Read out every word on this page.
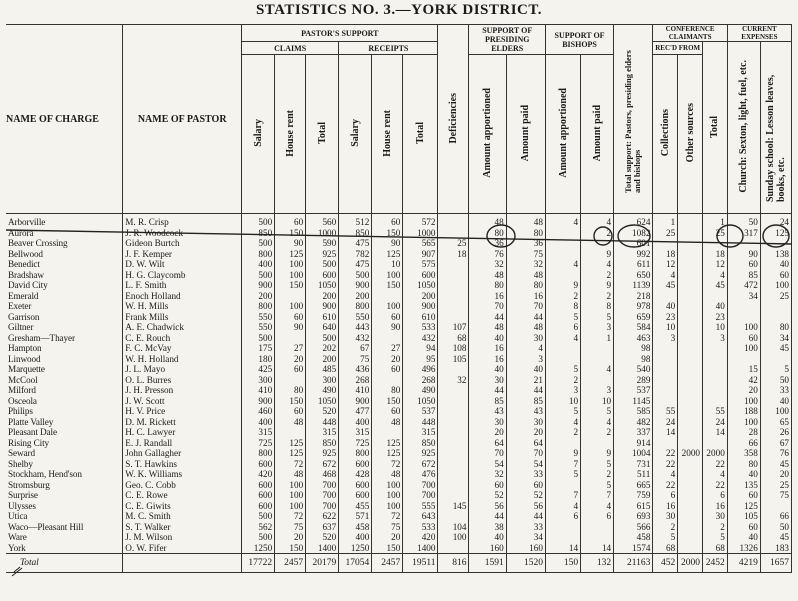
STATISTICS NO. 3.—YORK DISTRICT.
NAME OF CHARGE	NAME OF PASTOR	PASTOR'S SUPPORT						Deficiencies	SUPPORT OF PRESIDING ELDERS		SUPPORT OF BISHOPS		Total support: Pastors, presiding elders and bishops	CONFERENCE CLAIMANTS			CURRENT EXPENSES	
		CLAIMS			RECEIPTS									REC'D FROM		Total	Church: Sexton, light, fuel, etc.	Sunday school: Lesson leaves, books, etc.
		Salary	House rent	Total	Salary	House rent	Total		Amount apportioned	Amount paid	Amount apportioned	Amount paid		Collections	Other sources			
Arborville	M. R. Crisp	500	60	560	512	60	572		48	48	4	4	624	1		1	50	24
Aurora	J. R. Woodcock	850	150	1000	850	150	1000		80	80		2	1082	25		25	317	125
Beaver Crossing	Gideon Burtch	500	90	590	475	90	565	25	36	36			601					
Bellwood	J. F. Kemper	800	125	925	782	125	907	18	76	75		9	992	18		18	90	138
Benedict	D. W. Wilt	400	100	500	475	10	575		32	32	4	4	611	12		12	60	40
Bradshaw	H. G. Claycomb	500	100	600	500	100	600		48	48		2	650	4		4	85	60
David City	L. F. Smith	900	150	1050	900	150	1050		80	80	9	9	1139	45		45	472	100
Emerald	Enoch Holland	200		200	200		200		16	16	2	2	218				34	25
Exeter	W. H. Mills	800	100	900	800	100	900		70	70	8	8	978	40		40		
Garrison	Frank Mills	550	60	610	550	60	610		44	44	5	5	659	23		23		
Giltner	A. E. Chadwick	550	90	640	443	90	533	107	48	48	6	3	584	10		10	100	80
Gresham—Thayer	C. E. Rouch	500		500	432		432	68	40	30	4	1	463	3		3	60	34
Hampton	F. C. McVay	175	27	202	67	27	94	108	16	4			98				100	45
Linwood	W. H. Holland	180	20	200	75	20	95	105	16	3			98					
Marquette	J. L. Mayo	425	60	485	436	60	496		40	40	5	4	540				15	5
McCool	O. L. Burres	300		300	268		268	32	30	21	2		289				42	50
Milford	J. H. Presson	410	80	490	410	80	490		44	44	3	3	537				20	33
Osceola	J. W. Scott	900	150	1050	900	150	1050		85	85	10	10	1145				100	40
Philips	H. V. Price	460	60	520	477	60	537		43	43	5	5	585	55		55	188	100
Platte Valley	D. M. Rickett	400	48	448	400	48	448		30	30	4	4	482	24		24	100	65
Pleasant Dale	H. C. Lawyer	315		315	315		315		20	20	2	2	337	14		14	28	26
Rising City	E. J. Randall	725	125	850	725	125	850		64	64			914				66	67
Seward	John Gallagher	800	125	925	800	125	925		70	70	9	9	1004	22	2000	2000	358	76
Shelby	S. T. Hawkins	600	72	672	600	72	672		54	54	7	5	731	22		22	80	45
Stockham, Hend'son	W. K. Williams	420	48	468	428	48	476		32	33	5	2	511	4		4	40	20
Stromsburg	Geo. C. Cobb	600	100	700	600	100	700		60	60		5	665	22		22	135	25
Surprise	C. E. Rowe	600	100	700	600	100	700		52	52	7	7	759	6		6	60	75
Ulysses	C. E. Giwits	600	100	700	455	100	555	145	56	56	4	4	615	16		16	125	
Utica	M. C. Smith	500	72	622	571	72	643		44	44	6	6	693	30		30	105	66
Waco—Pleasant Hill	S. T. Walker	562	75	637	458	75	533	104	38	33			566	2		2	60	50
Ware	J. M. Wilson	500	20	520	400	20	420	100	40	34			458	5		5	40	45
York	O. W. Fifer	1250	150	1400	1250	150	1400		160	160	14	14	1574	68		68	1326	183
Total		17722	2457	20179	17054	2457	19511	816	1591	1520	150	132	21163	452	2000	2452	4219	1657
